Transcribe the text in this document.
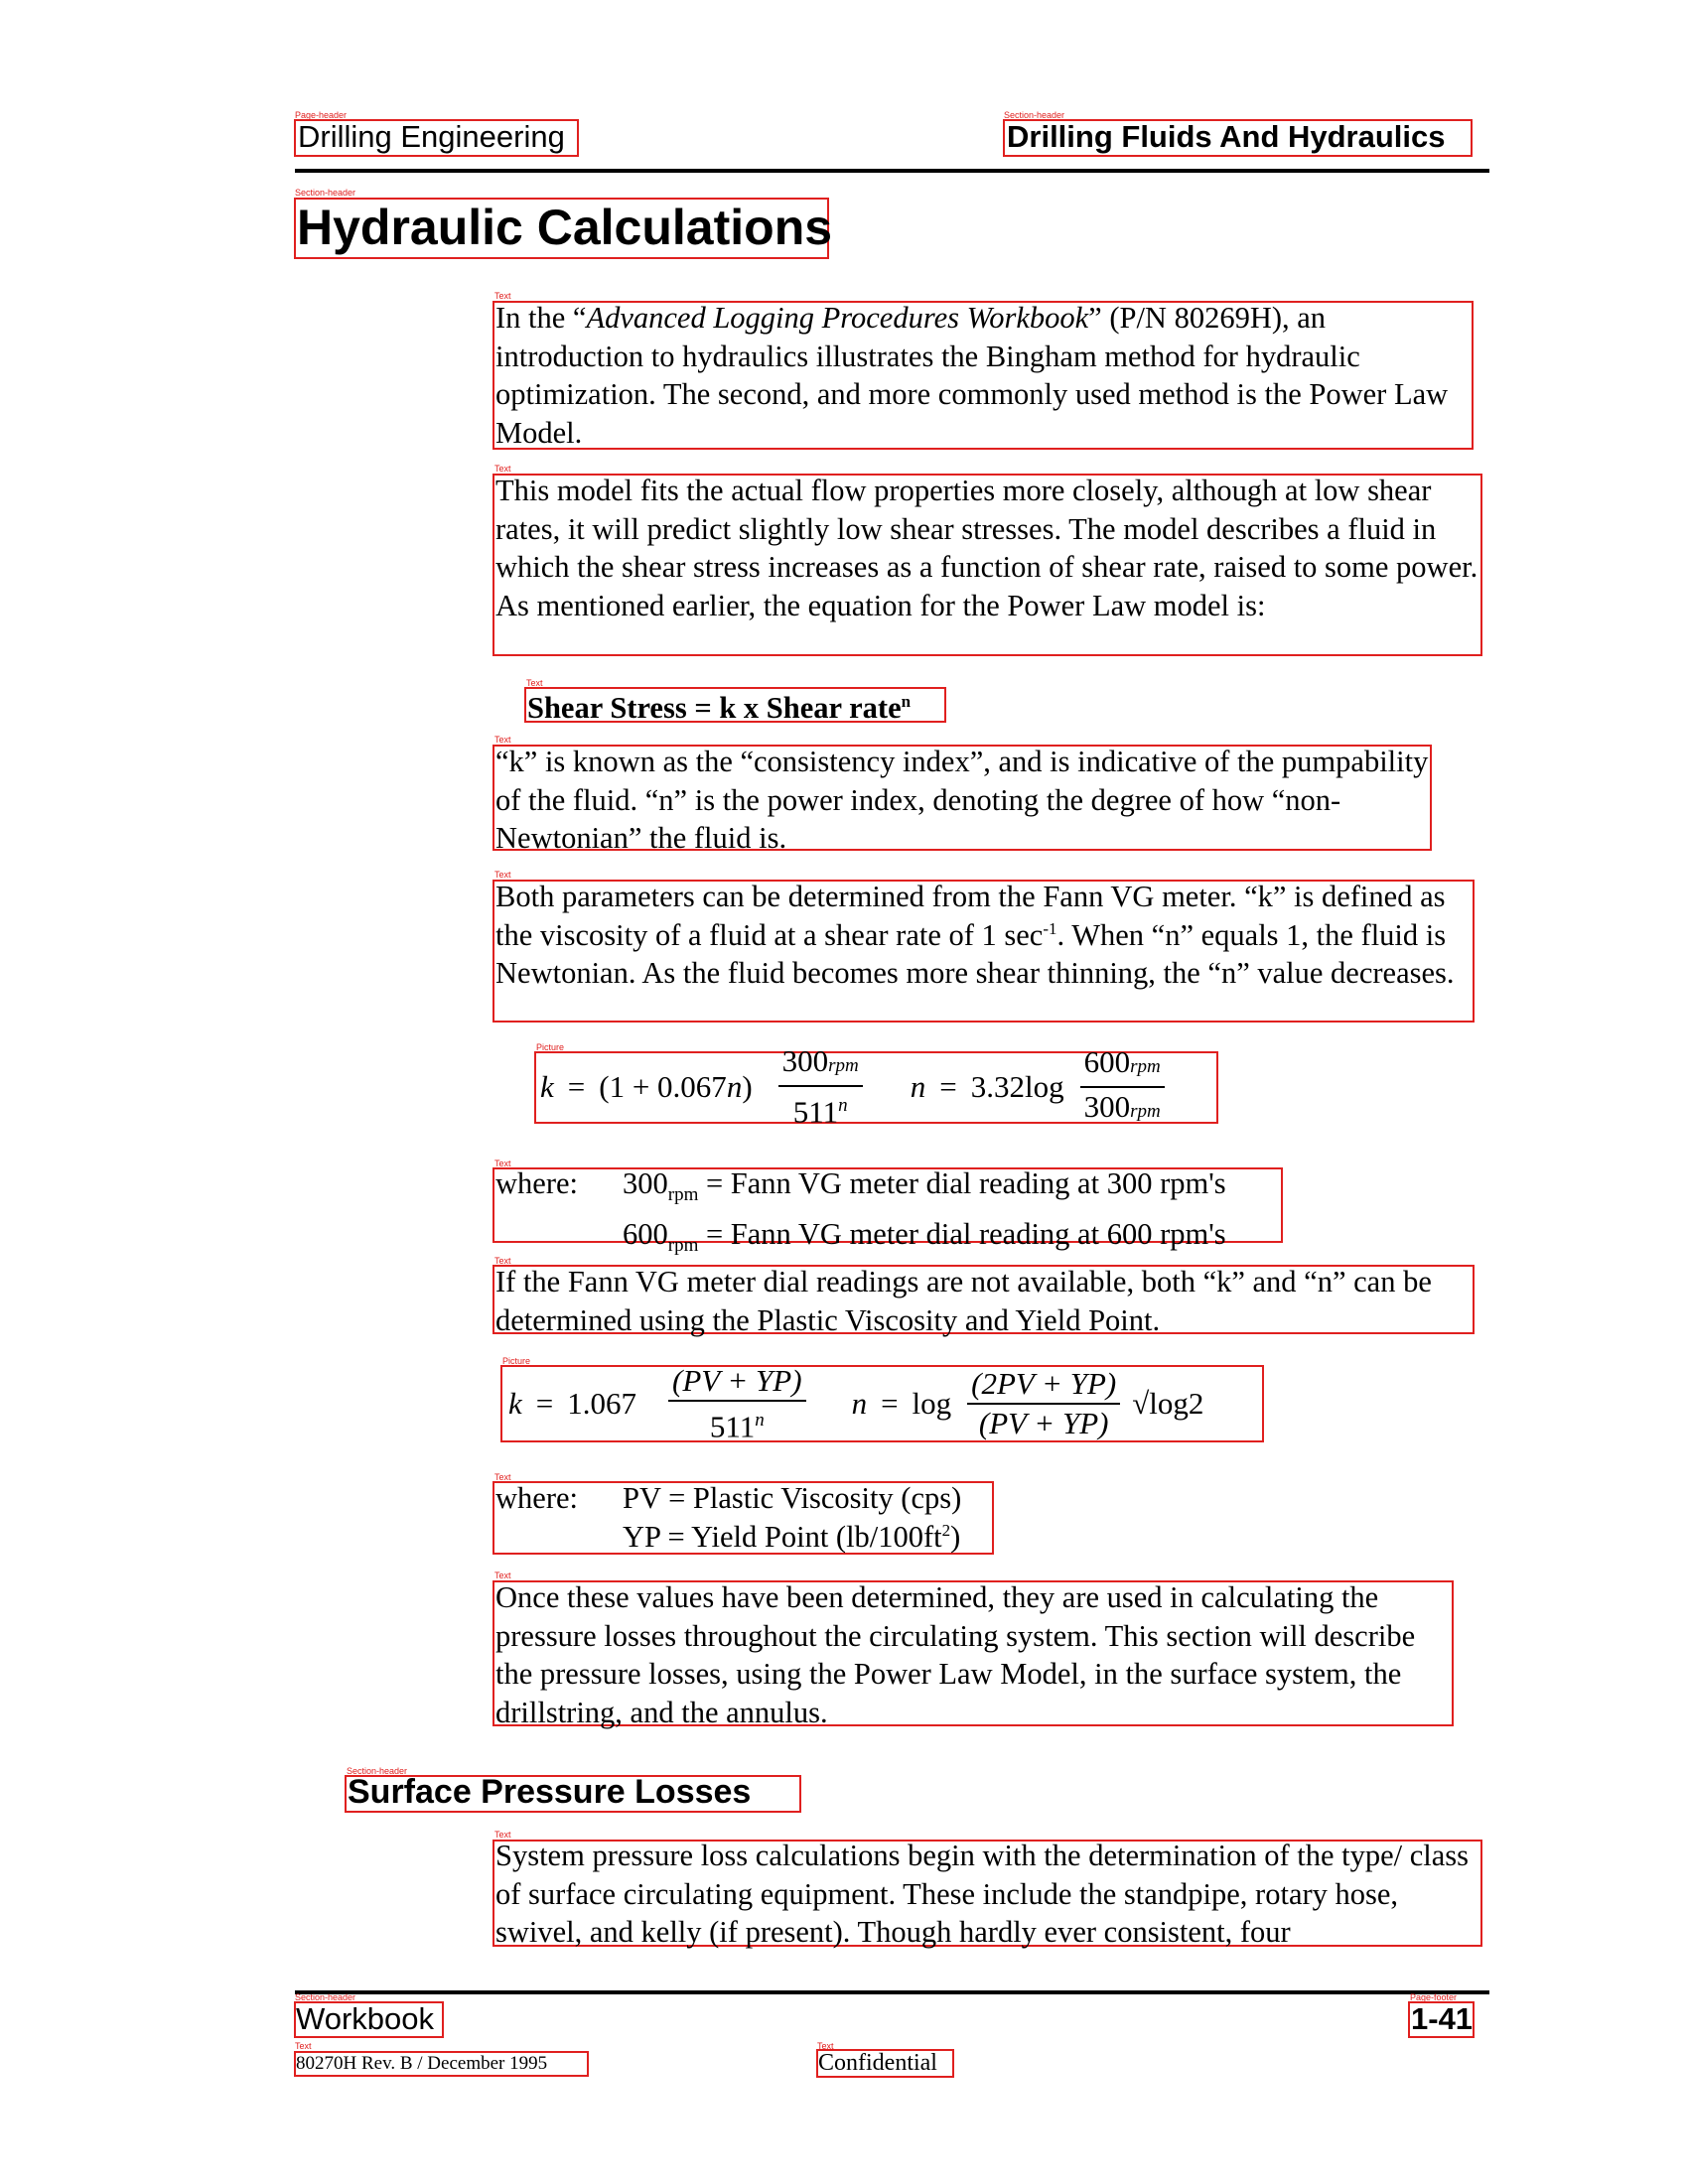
Page-header
Drilling Engineering
Section-header
Drilling Fluids And Hydraulics
Section-header
Hydraulic Calculations
Text

In the “Advanced Logging Procedures Workbook” (P/N 80269H), an introduction to hydraulics illustrates the Bingham method for hydraulic optimization. The second, and more commonly used method is the Power Law Model.

Text

This model fits the actual flow properties more closely, although at low shear rates, it will predict slightly low shear stresses. The model describes a fluid in which the shear stress increases as a function of shear rate, raised to some power. As mentioned earlier, the equation for the Power Law model is:

Text
Shear Stress = k x Shear rate$^n$
Text

“k” is known as the “consistency index”, and is indicative of the pumpability of the fluid. “n” is the power index, denoting the degree of how “non-Newtonian” the fluid is.

Text

Both parameters can be determined from the Fann VG meter. “k” is defined as the viscosity of a fluid at a shear rate of 1 $\sec^{-1}$. When “n” equals 1, the fluid is Newtonian. As the fluid becomes more shear thinning, the “n” value decreases.

Picture
k = (1 + 0.067 n ) $\frac{\text{300rpm}}{511^n}$ $n = 3.32\log \frac{\text{600rpm}}{\text{300rpm}}$
Text
where: $300_{rpm}$ = Fann VG meter dial reading at 300 rpm's
$600_{rpm}$ = Fann VG meter dial reading at 600 rpm's
Text

If the Fann VG meter dial readings are not available, both “k” and “n” can be determined using the Plastic Viscosity and Yield Point.

Picture
$k = 1.067 \frac{(PV + YP)}{511^n}$ $n = \log \frac{(2PV + YP)}{(PV + YP)} √\log 2$
Text
where: PV = Plastic Viscosity (cps)
YP = Yield Point $(lb/100ft^2)$
Text

Once these values have been determined, they are used in calculating the pressure losses throughout the circulating system. This section will describe the pressure losses, using the Power Law Model, in the surface system, the drillstring, and the annulus.

Section-header
Surface Pressure Losses
Text

System pressure loss calculations begin with the determination of the type/ class of surface circulating equipment. These include the standpipe, rotary hose, swivel, and kelly (if present). Though hardly ever consistent, four

Section-header
Workbook
Page-footer
1-41
Text
80270H Rev. B / December 1995
Text
Confidential
